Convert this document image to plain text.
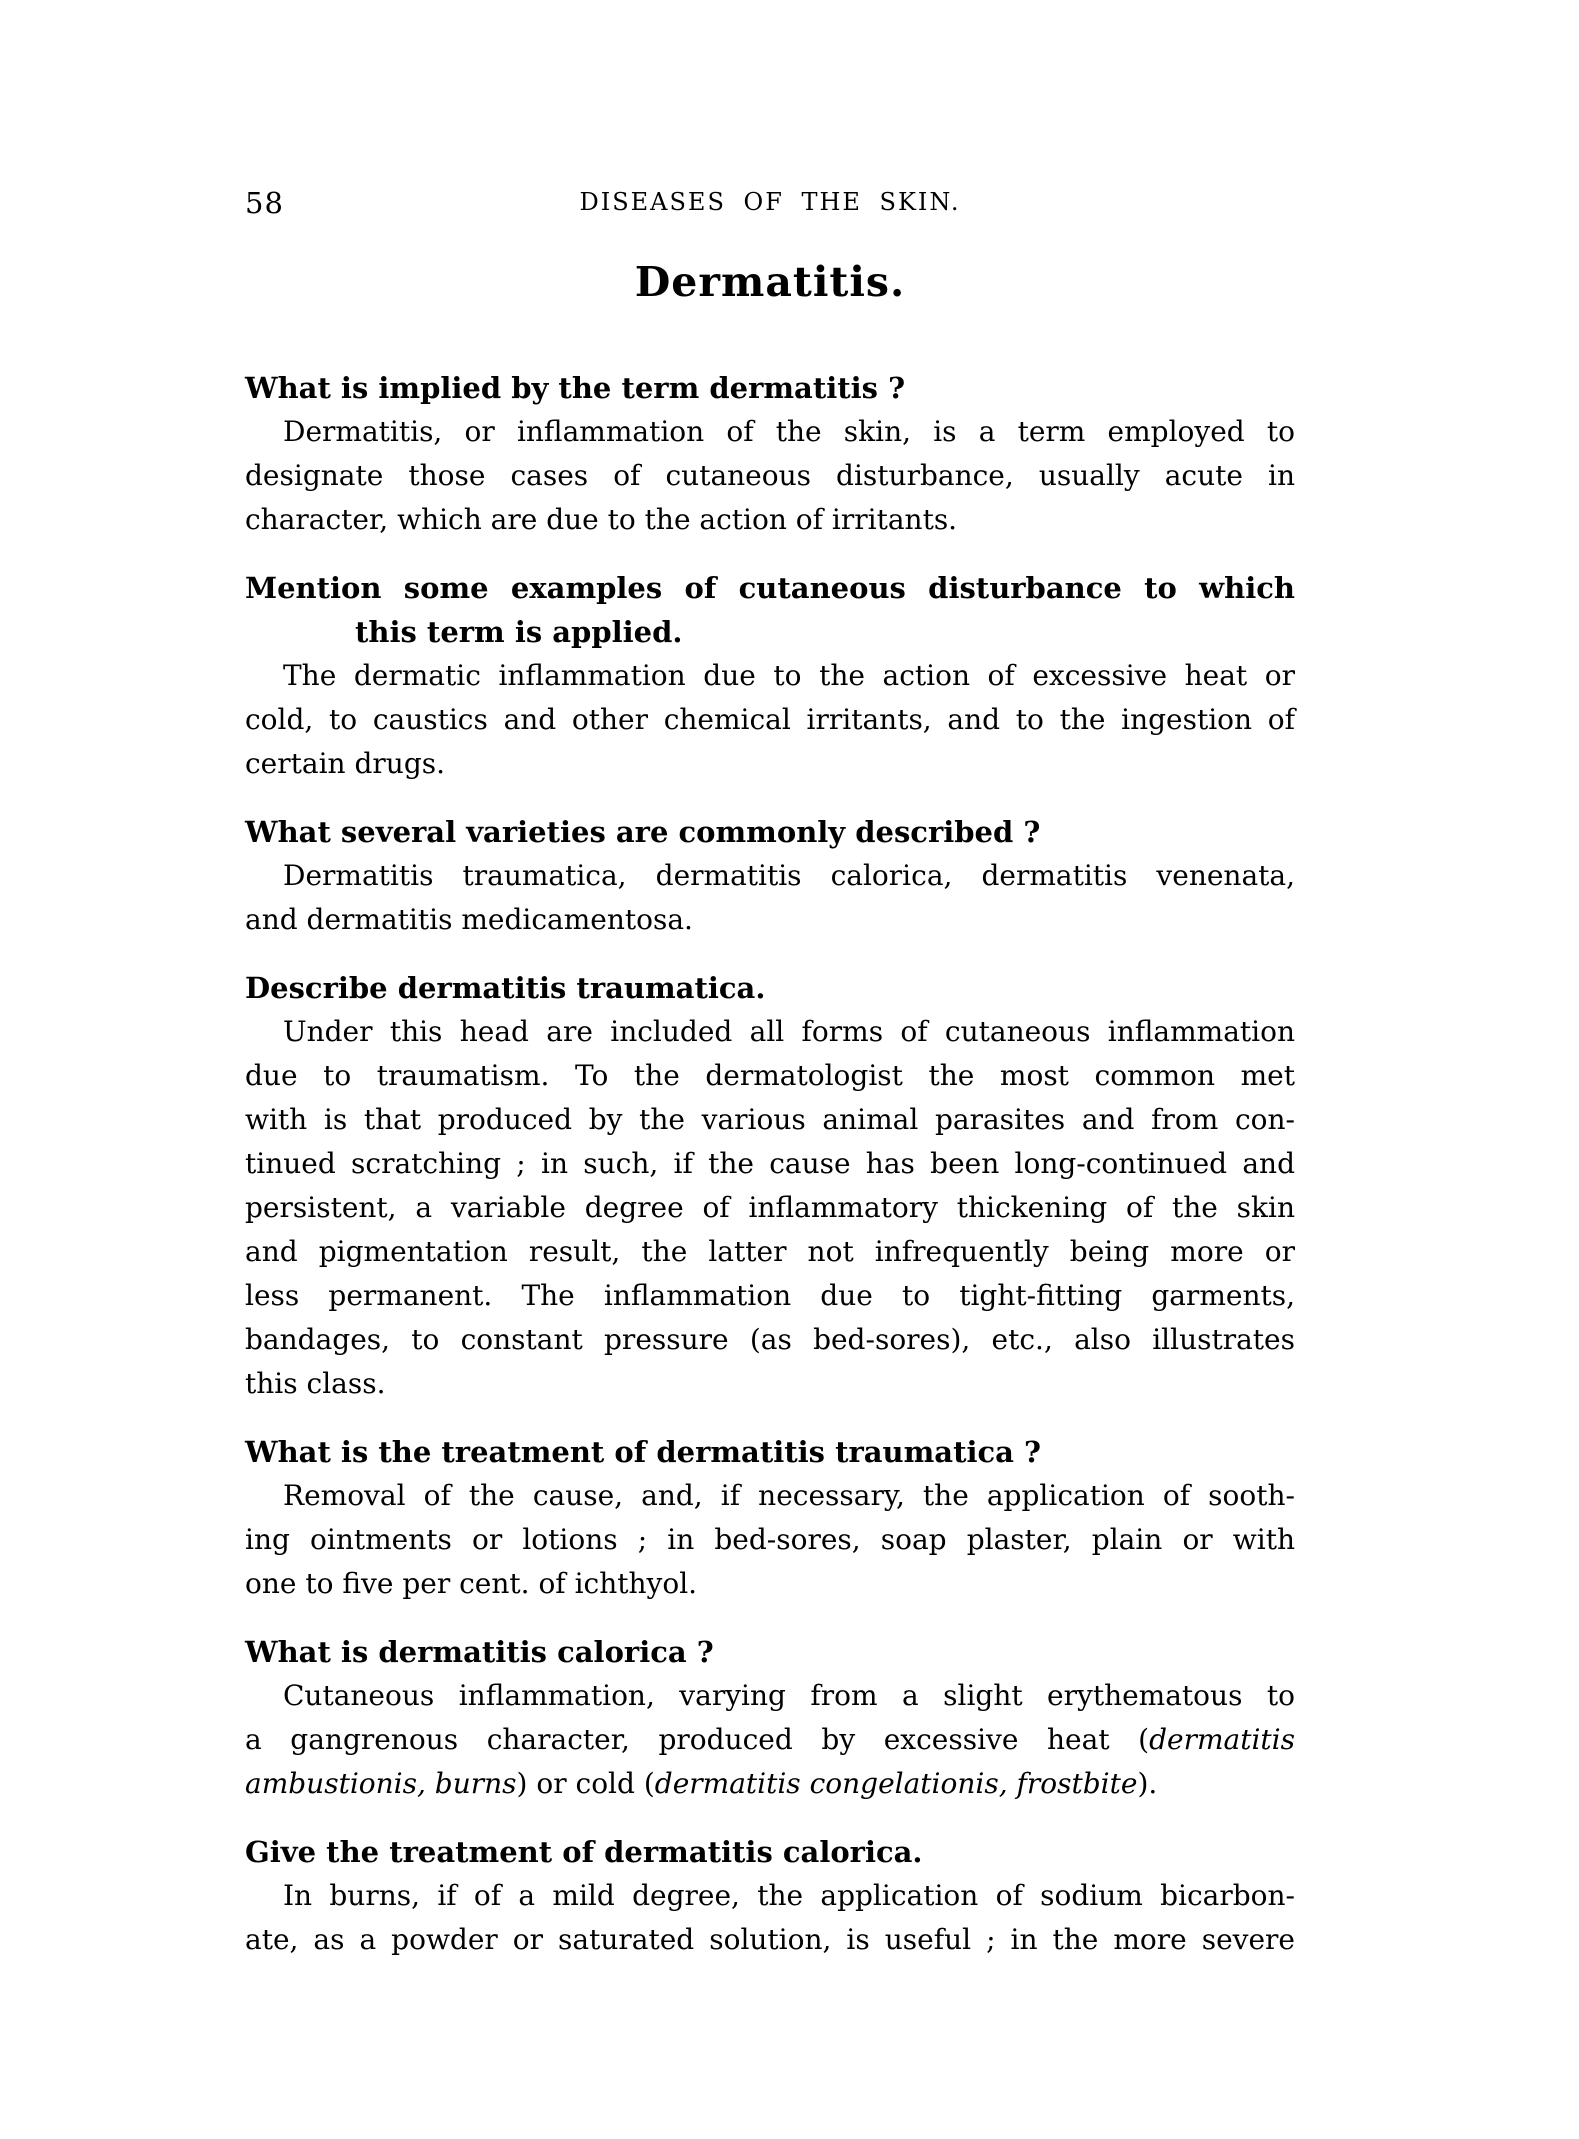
58	DISEASES OF THE SKIN.
Dermatitis.
What is implied by the term dermatitis ?
Dermatitis, or inflammation of the skin, is a term employed to
designate those cases of cutaneous disturbance, usually acute in
character, which are due to the action of irritants.
Mention some examples of cutaneous disturbance to which
this term is applied.
The dermatic inflammation due to the action of excessive heat or
cold, to caustics and other chemical irritants, and to the ingestion of
certain drugs.
What several varieties are commonly described ?
Dermatitis traumatica, dermatitis calorica, dermatitis venenata,
and dermatitis medicamentosa.
Describe dermatitis traumatica.
Under this head are included all forms of cutaneous inflammation
due to traumatism. To the dermatologist the most common met
with is that produced by the various animal parasites and from con-
tinued scratching ; in such, if the cause has been long-continued and
persistent, a variable degree of inflammatory thickening of the skin
and pigmentation result, the latter not infrequently being more or
less permanent. The inflammation due to tight-fitting garments,
bandages, to constant pressure (as bed-sores), etc., also illustrates
this class.
What is the treatment of dermatitis traumatica ?
Removal of the cause, and, if necessary, the application of sooth-
ing ointments or lotions ; in bed-sores, soap plaster, plain or with
one to five per cent. of ichthyol.
What is dermatitis calorica ?
Cutaneous inflammation, varying from a slight erythematous to
a gangrenous character, produced by excessive heat (dermatitis
ambustionis, burns) or cold (dermatitis congelationis, frostbite).
Give the treatment of dermatitis calorica.
In burns, if of a mild degree, the application of sodium bicarbon-
ate, as a powder or saturated solution, is useful ; in the more severe
